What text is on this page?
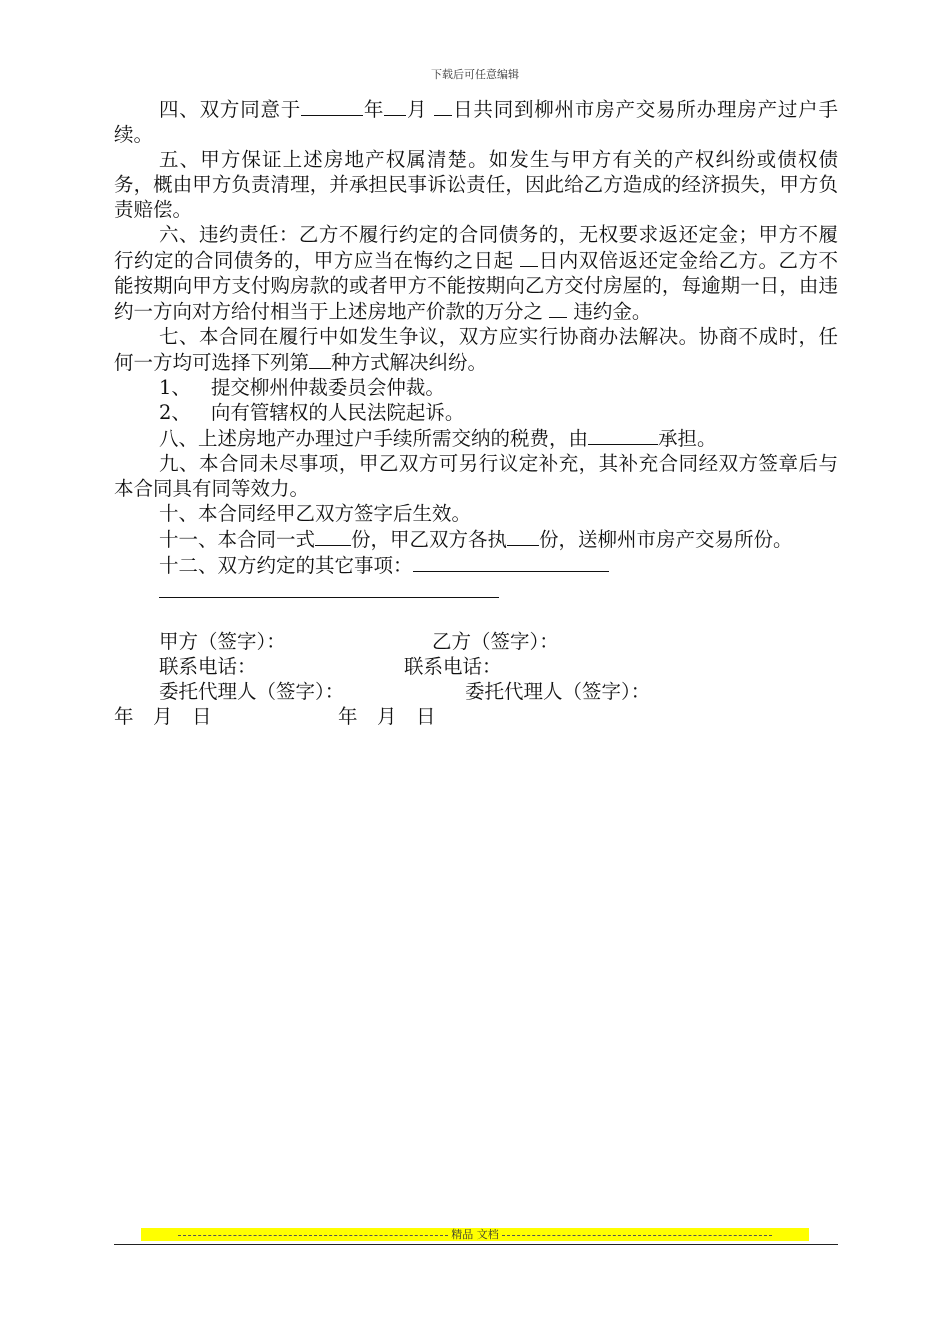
下载后可任意编辑

四、双方同意于	年 月 日共同到柳州市房产交易所办理房产过户手续。

五、甲方保证上述房地产权属清楚。如发生与甲方有关的产权纠纷或债权债务，概由甲方负责清理，并承担民事诉讼责任，因此给乙方造成的经济损失，甲方负责赔偿。

六、违约责任：乙方不履行约定的合同债务的，无权要求返还定金；甲方不履行约定的合同债务的，甲方应当在悔约之日起 日内双倍返还定金给乙方。乙方不能按期向甲方支付购房款的或者甲方不能按期向乙方交付房屋的，每逾期一日，由违约一方向对方给付相当于上述房地产价款的万分之 违约金。

七、本合同在履行中如发生争议，双方应实行协商办法解决。协商不成时，任何一方均可选择下列第 种方式解决纠纷。

1、 提交柳州仲裁委员会仲裁。

2、 向有管辖权的人民法院起诉。

八、上述房地产办理过户手续所需交纳的税费，由	承担。

九、本合同未尽事项，甲乙双方可另行议定补充，其补充合同经双方签章后与本合同具有同等效力。

十、本合同经甲乙双方签字后生效。

十一、本合同一式 份，甲乙双方各执 份，送柳州市房产交易所份。

十二、双方约定的其它事项：

甲方（签字）：	乙方（签字）：
联系电话：	联系电话：
委托代理人（签字）：	委托代理人（签字）：
年　月　日	年　月　日
精品 文档
